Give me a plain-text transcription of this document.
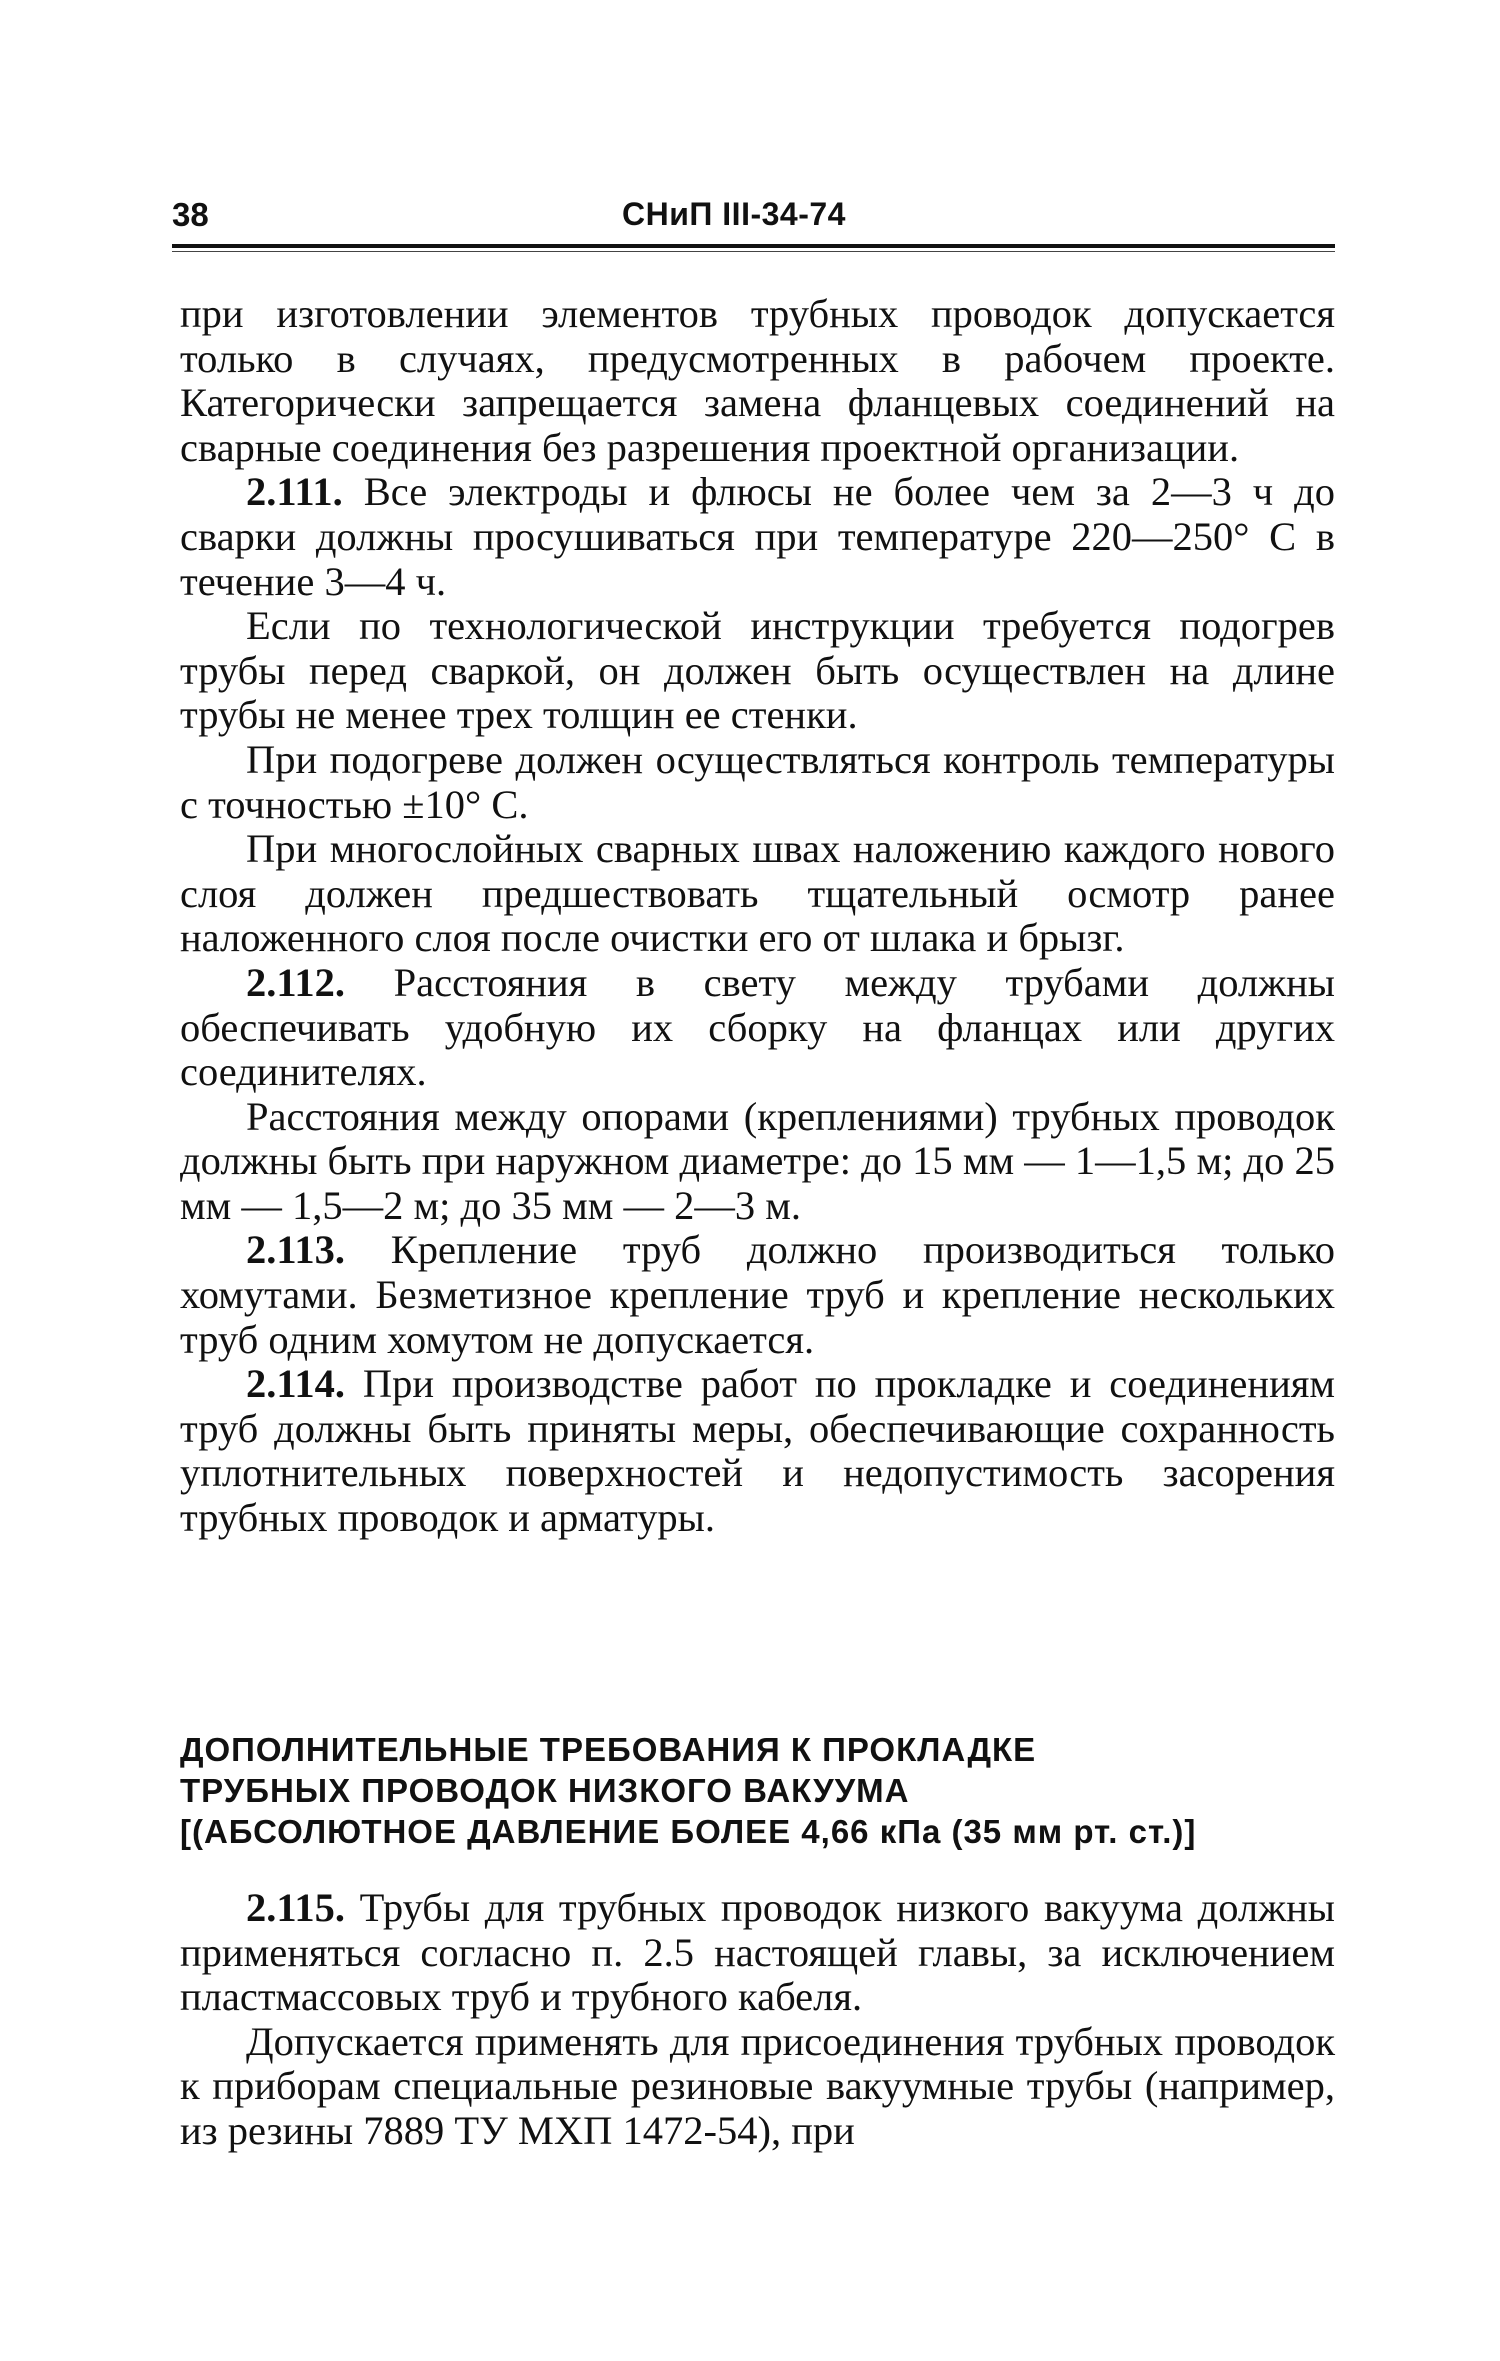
38	СНиП III-34-74

при изготовлении элементов трубных проводок допускается только в случаях, предусмотренных в рабочем проекте. Категорически запрещается замена фланцевых соединений на сварные соединения без разрешения проектной организации.

2.111. Все электроды и флюсы не более чем за 2—3 ч до сварки должны просушиваться при температуре 220—250° С в течение 3—4 ч.

Если по технологической инструкции требуется подогрев трубы перед сваркой, он должен быть осуществлен на длине трубы не менее трех толщин ее стенки.

При подогреве должен осуществляться контроль температуры с точностью ±10° С.

При многослойных сварных швах наложению каждого нового слоя должен предшествовать тщательный осмотр ранее наложенного слоя после очистки его от шлака и брызг.

2.112. Расстояния в свету между трубами должны обеспечивать удобную их сборку на фланцах или других соединителях.

Расстояния между опорами (креплениями) трубных проводок должны быть при наружном диаметре: до 15 мм — 1—1,5 м; до 25 мм — 1,5—2 м; до 35 мм — 2—3 м.

2.113. Крепление труб должно производиться только хомутами. Безметизное крепление труб и крепление нескольких труб одним хомутом не допускается.

2.114. При производстве работ по прокладке и соединениям труб должны быть приняты меры, обеспечивающие сохранность уплотнительных поверхностей и недопустимость засорения трубных проводок и арматуры.

ДОПОЛНИТЕЛЬНЫЕ ТРЕБОВАНИЯ К ПРОКЛАДКЕ
ТРУБНЫХ ПРОВОДОК НИЗКОГО ВАКУУМА
[(АБСОЛЮТНОЕ ДАВЛЕНИЕ БОЛЕЕ 4,66 кПа (35 мм рт. ст.)]

2.115. Трубы для трубных проводок низкого вакуума должны применяться согласно п. 2.5 настоящей главы, за исключением пластмассовых труб и трубного кабеля.

Допускается применять для присоединения трубных проводок к приборам специальные резиновые вакуумные трубы (например, из резины 7889 ТУ МХП 1472-54), при
